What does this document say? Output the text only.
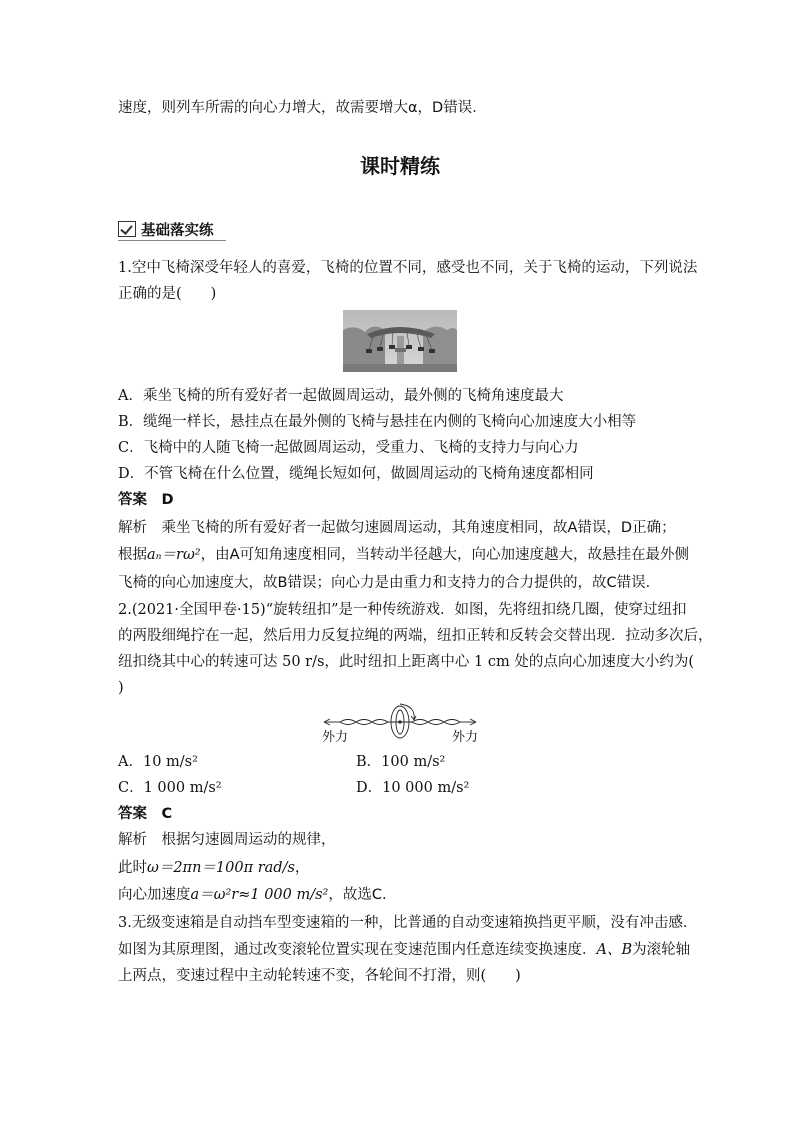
速度，则列车所需的向心力增大，故需要增大α，D错误．
课时精练
基础落实练
1.空中飞椅深受年轻人的喜爱，飞椅的位置不同，感受也不同，关于飞椅的运动，下列说法
正确的是(　　)
A．乘坐飞椅的所有爱好者一起做圆周运动，最外侧的飞椅角速度最大
B．缆绳一样长，悬挂点在最外侧的飞椅与悬挂在内侧的飞椅向心加速度大小相等
C．飞椅中的人随飞椅一起做圆周运动，受重力、飞椅的支持力与向心力
D．不管飞椅在什么位置，缆绳长短如何，做圆周运动的飞椅角速度都相同
答案　D
解析　乘坐飞椅的所有爱好者一起做匀速圆周运动，其角速度相同，故A错误，D正确；
根据aₙ＝rω²，由A可知角速度相同，当转动半径越大，向心加速度越大，故悬挂在最外侧
飞椅的向心加速度大，故B错误；向心力是由重力和支持力的合力提供的，故C错误．
2.(2021·全国甲卷·15)“旋转纽扣”是一种传统游戏．如图，先将纽扣绕几圈，使穿过纽扣
的两股细绳拧在一起，然后用力反复拉绳的两端，纽扣正转和反转会交替出现．拉动多次后，
纽扣绕其中心的转速可达 50 r/s，此时纽扣上距离中心 1 cm 处的点向心加速度大小约为(
)
外力	外力
A．10 m/s²	B．100 m/s²
C．1 000 m/s²	D．10 000 m/s²
答案　C
解析　根据匀速圆周运动的规律，
此时ω＝2πn＝100π rad/s，
向心加速度a＝ω²r≈1 000 m/s²，故选C.
3.无级变速箱是自动挡车型变速箱的一种，比普通的自动变速箱换挡更平顺，没有冲击感．
如图为其原理图，通过改变滚轮位置实现在变速范围内任意连续变换速度．A、B为滚轮轴
上两点，变速过程中主动轮转速不变，各轮间不打滑，则(　　)
